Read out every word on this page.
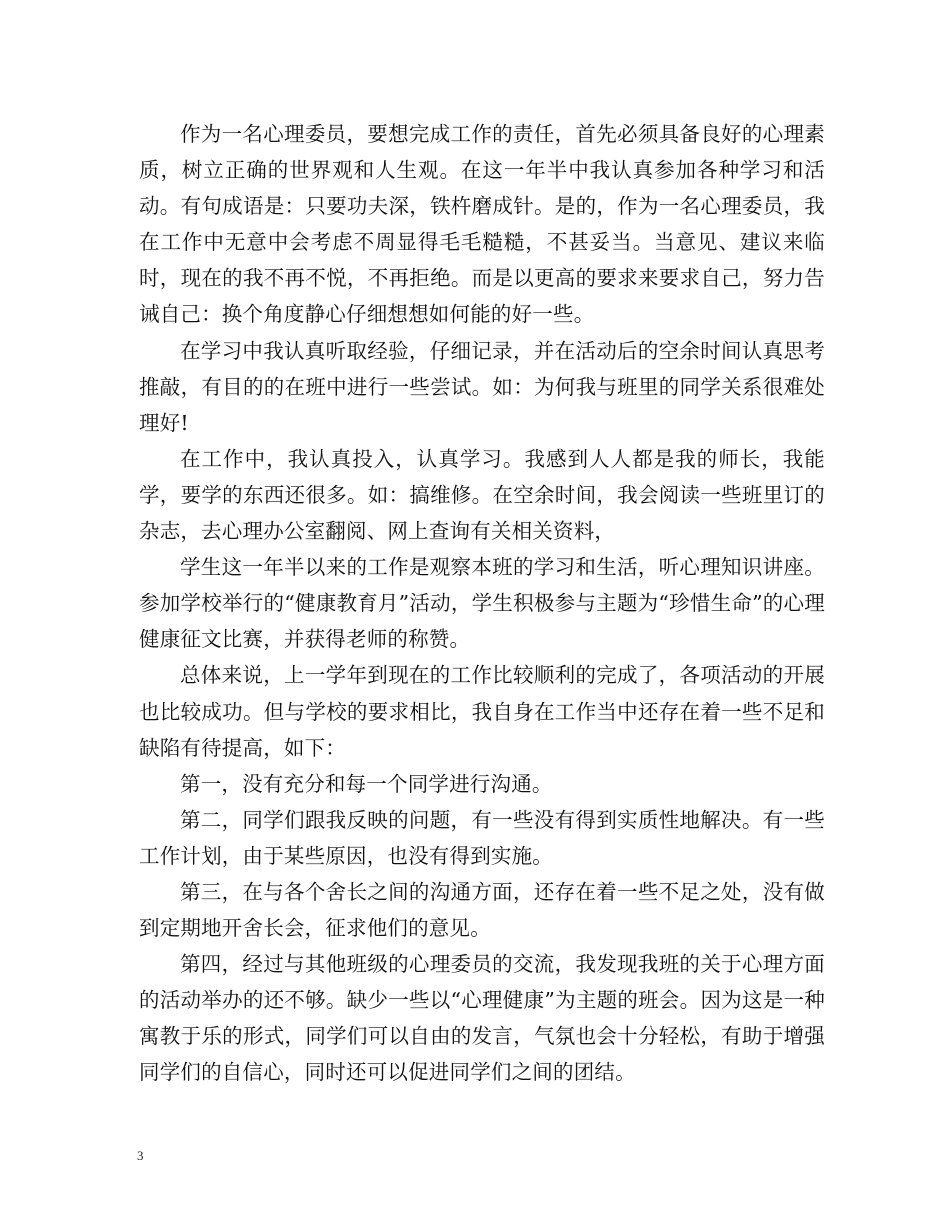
作为一名心理委员，要想完成工作的责任，首先必须具备良好的心理素质，树立正确的世界观和人生观。在这一年半中我认真参加各种学习和活动。有句成语是：只要功夫深，铁杵磨成针。是的，作为一名心理委员，我在工作中无意中会考虑不周显得毛毛糙糙，不甚妥当。当意见、建议来临时，现在的我不再不悦，不再拒绝。而是以更高的要求来要求自己，努力告诫自己：换个角度静心仔细想想如何能的好一些。

在学习中我认真听取经验，仔细记录，并在活动后的空余时间认真思考推敲，有目的的在班中进行一些尝试。如：为何我与班里的同学关系很难处理好!

在工作中，我认真投入，认真学习。我感到人人都是我的师长，我能学，要学的东西还很多。如：搞维修。在空余时间，我会阅读一些班里订的杂志，去心理办公室翻阅、网上查询有关相关资料，

学生这一年半以来的工作是观察本班的学习和生活，听心理知识讲座。参加学校举行的“健康教育月”活动，学生积极参与主题为“珍惜生命”的心理健康征文比赛，并获得老师的称赞。

总体来说，上一学年到现在的工作比较顺利的完成了，各项活动的开展也比较成功。但与学校的要求相比，我自身在工作当中还存在着一些不足和缺陷有待提高，如下：

第一，没有充分和每一个同学进行沟通。

第二，同学们跟我反映的问题，有一些没有得到实质性地解决。有一些工作计划，由于某些原因，也没有得到实施。

第三，在与各个舍长之间的沟通方面，还存在着一些不足之处，没有做到定期地开舍长会，征求他们的意见。

第四，经过与其他班级的心理委员的交流，我发现我班的关于心理方面 的活动举办的还不够。缺少一些以“心理健康”为主题的班会。因为这是一种寓教于乐的形式，同学们可以自由的发言，气氛也会十分轻松，有助于增强同学们的自信心，同时还可以促进同学们之间的团结。

3
